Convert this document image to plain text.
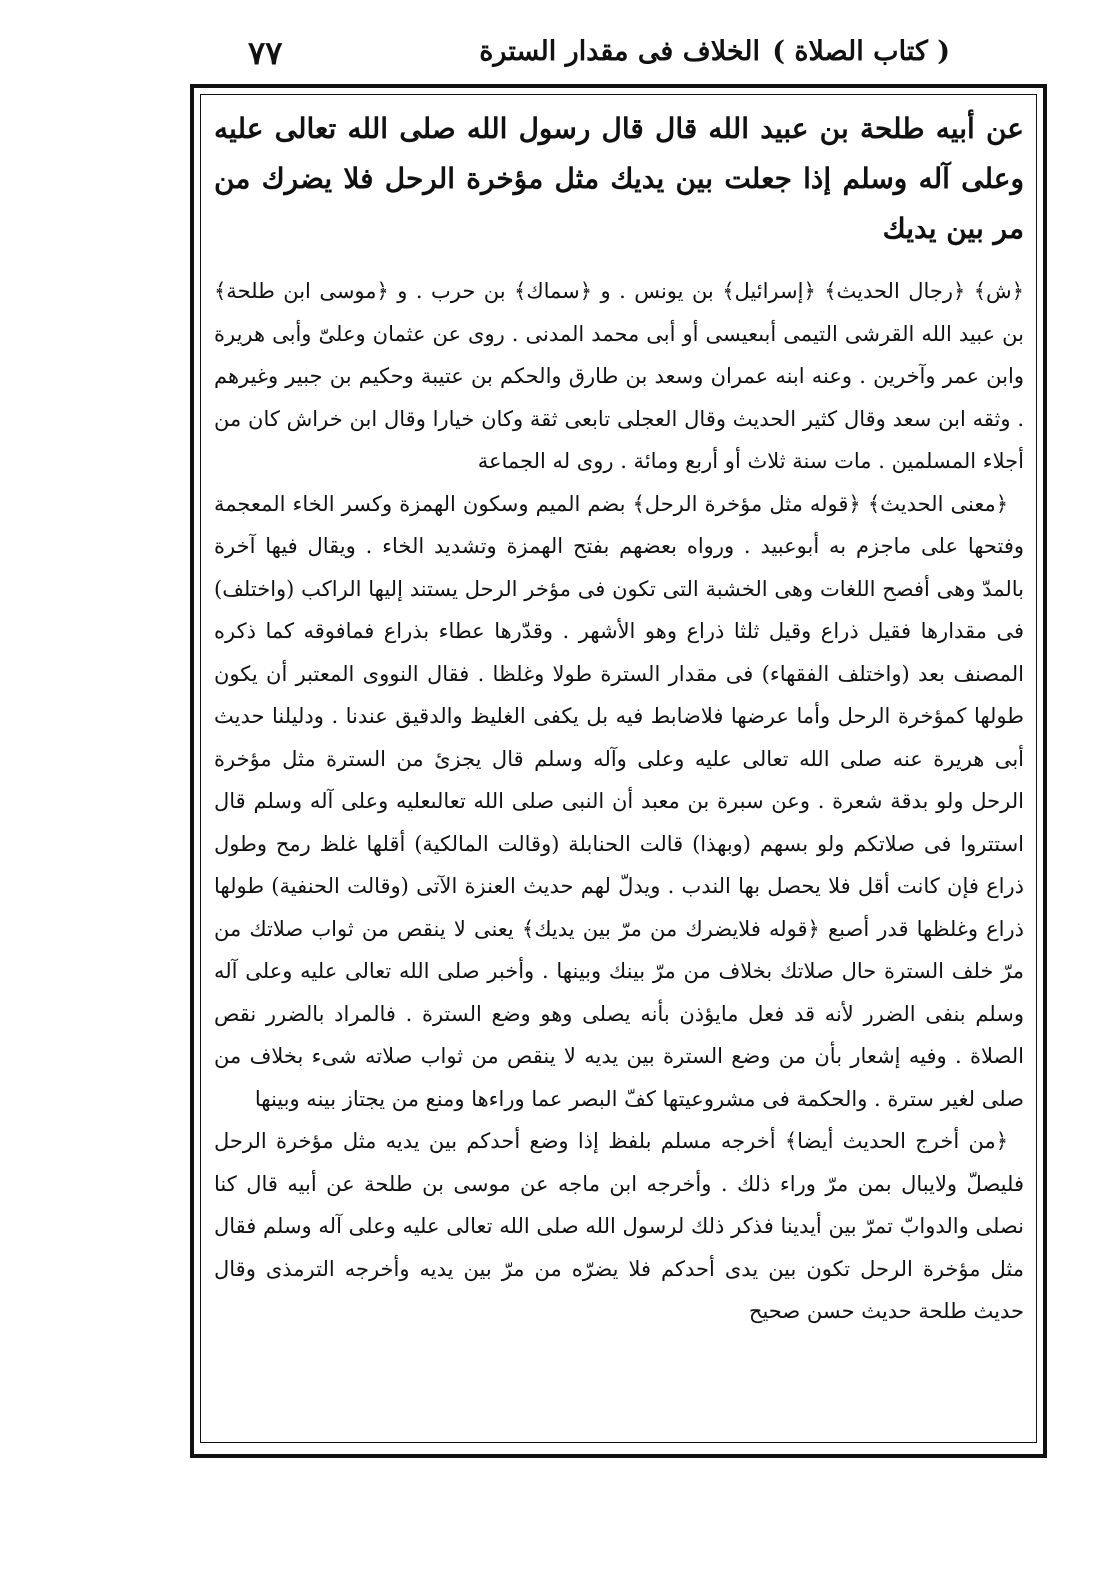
( كتاب الصلاة )
الخلاف فى مقدار السترة
٧٧
عن أبيه طلحة بن عبيد الله قال قال رسول الله صلى الله تعالى عليه وعلى آله وسلم إذا جعلت بين يديك مثل مؤخرة الرحل فلا يضرك من مر بين يديك

﴿ش﴾ ﴿رجال الحديث﴾ ﴿إسرائيل﴾ بن يونس . و ﴿سماك﴾ بن حرب . و ﴿موسى ابن طلحة﴾ بن عبيد الله القرشى التيمى أبىعيسى أو أبى محمد المدنى . روى عن عثمان وعلىّ وأبى هريرة وابن عمر وآخرين . وعنه ابنه عمران وسعد بن طارق والحكم بن عتيبة وحكيم بن جبير وغيرهم . وثقه ابن سعد وقال كثير الحديث وقال العجلى تابعى ثقة وكان خيارا وقال ابن خراش كان من أجلاء المسلمين . مات سنة ثلاث أو أربع ومائة . روى له الجماعة

﴿معنى الحديث﴾ ﴿قوله مثل مؤخرة الرحل﴾ بضم الميم وسكون الهمزة وكسر الخاء المعجمة وفتحها على ماجزم به أبوعبيد . ورواه بعضهم بفتح الهمزة وتشديد الخاء . ويقال فيها آخرة بالمدّ وهى أفصح اللغات وهى الخشبة التى تكون فى مؤخر الرحل يستند إليها الراكب (واختلف) فى مقدارها فقيل ذراع وقيل ثلثا ذراع وهو الأشهر . وقدّرها عطاء بذراع فمافوقه كما ذكره المصنف بعد (واختلف الفقهاء) فى مقدار السترة طولا وغلظا . فقال النووى المعتبر أن يكون طولها كمؤخرة الرحل وأما عرضها فلاضابط فيه بل يكفى الغليظ والدقيق عندنا . ودليلنا حديث أبى هريرة عنه صلى الله تعالى عليه وعلى وآله وسلم قال يجزئ من السترة مثل مؤخرة الرحل ولو بدقة شعرة . وعن سبرة بن معبد أن النبى صلى الله تعالىعليه وعلى آله وسلم قال استتروا فى صلاتكم ولو بسهم (وبهذا) قالت الحنابلة (وقالت المالكية) أقلها غلظ رمح وطول ذراع فإن كانت أقل فلا يحصل بها الندب . ويدلّ لهم حديث العنزة الآتى (وقالت الحنفية) طولها ذراع وغلظها قدر أصبع ﴿قوله فلايضرك من مرّ بين يديك﴾ يعنى لا ينقص من ثواب صلاتك من مرّ خلف السترة حال صلاتك بخلاف من مرّ بينك وبينها . وأخبر صلى الله تعالى عليه وعلى آله وسلم بنفى الضرر لأنه قد فعل مايؤذن بأنه يصلى وهو وضع السترة . فالمراد بالضرر نقص الصلاة . وفيه إشعار بأن من وضع السترة بين يديه لا ينقص من ثواب صلاته شىء بخلاف من صلى لغير سترة . والحكمة فى مشروعيتها كفّ البصر عما وراءها ومنع من يجتاز بينه وبينها

﴿من أخرج الحديث أيضا﴾ أخرجه مسلم بلفظ إذا وضع أحدكم بين يديه مثل مؤخرة الرحل فليصلّ ولايبال بمن مرّ وراء ذلك . وأخرجه ابن ماجه عن موسى بن طلحة عن أبيه قال كنا نصلى والدوابّ تمرّ بين أيدينا فذكر ذلك لرسول الله صلى الله تعالى عليه وعلى آله وسلم فقال مثل مؤخرة الرحل تكون بين يدى أحدكم فلا يضرّه من مرّ بين يديه وأخرجه الترمذى وقال حديث طلحة حديث حسن صحيح
